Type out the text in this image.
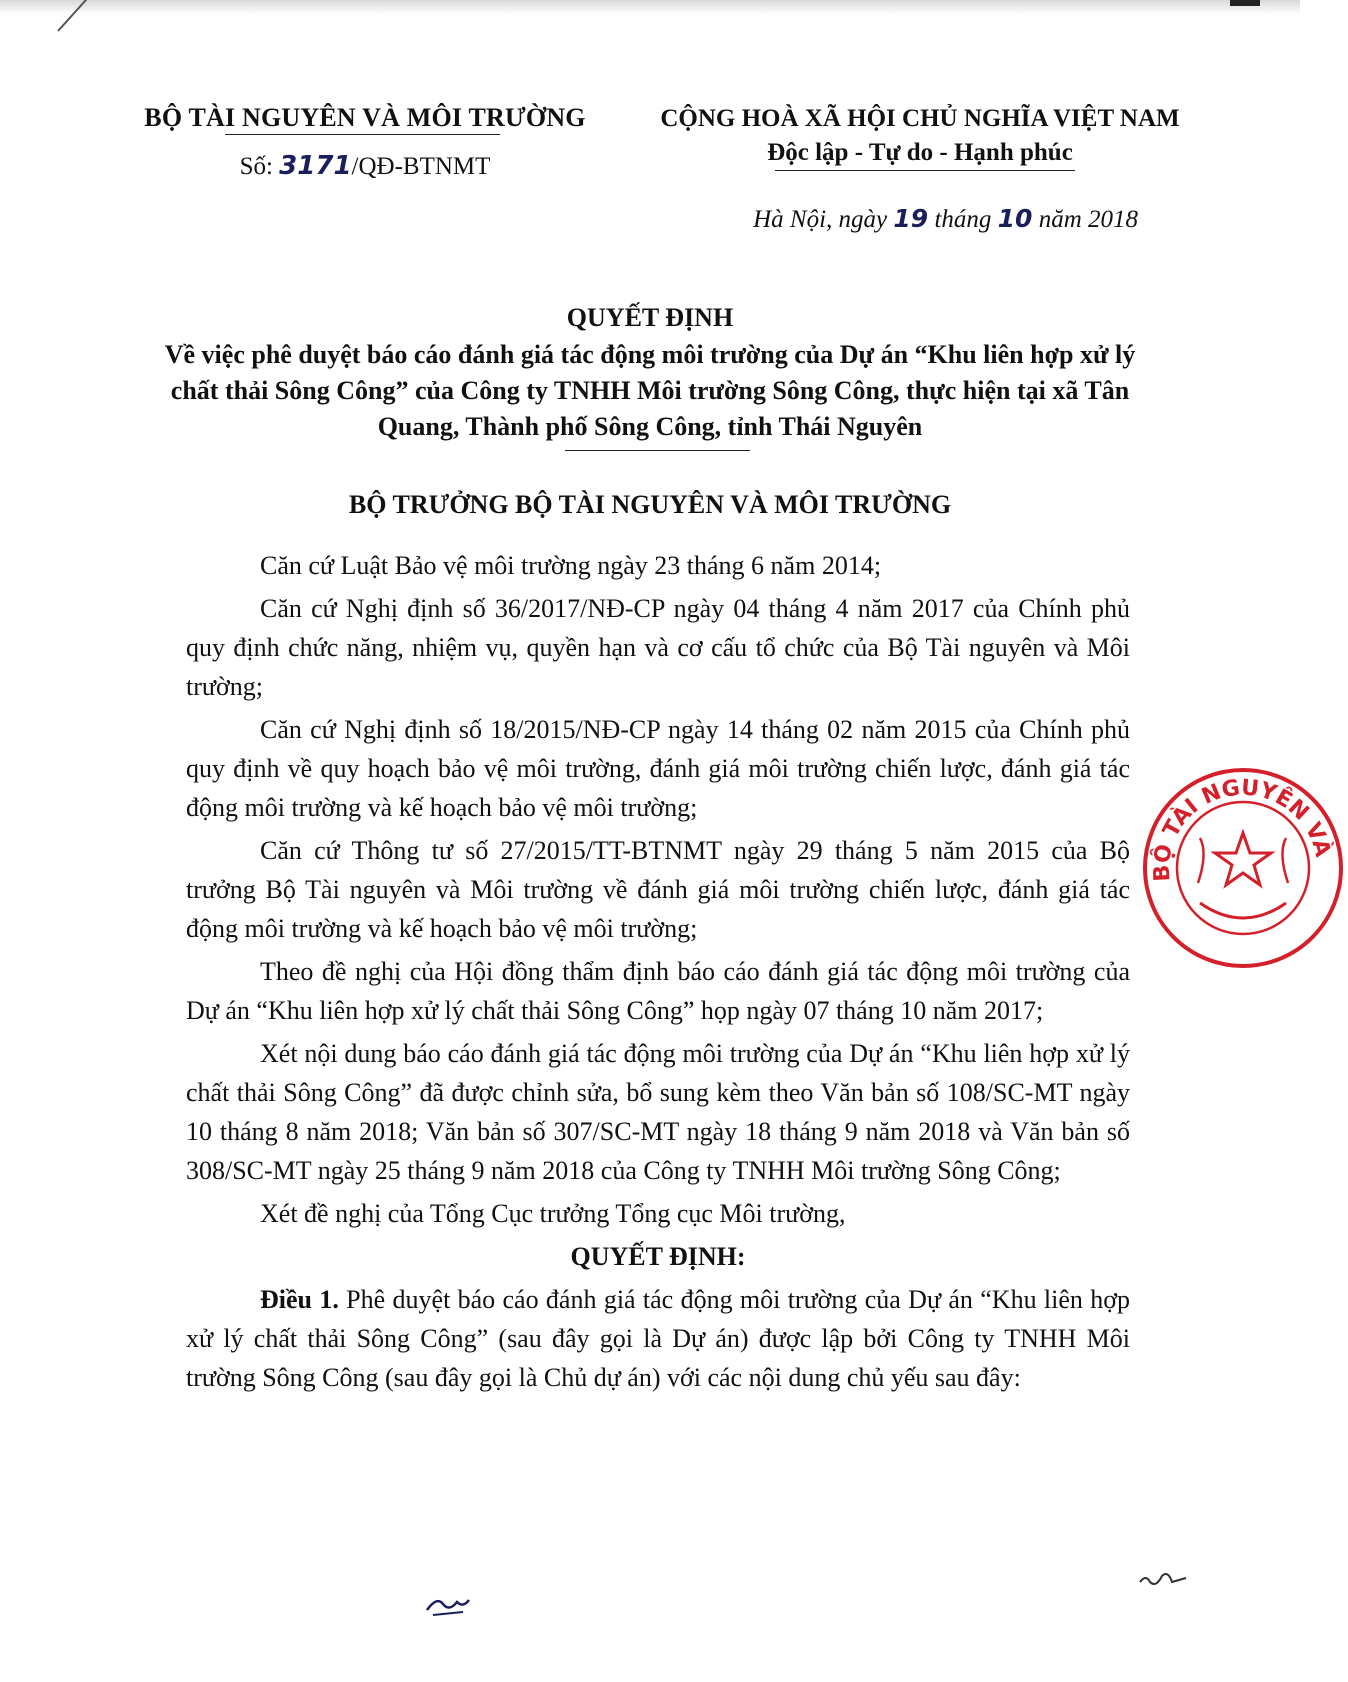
BỘ TÀI NGUYÊN VÀ MÔI TRƯỜNG
Số: 3171/QĐ-BTNMT
CỘNG HOÀ XÃ HỘI CHỦ NGHĨA VIỆT NAM
Độc lập - Tự do - Hạnh phúc
Hà Nội, ngày 19 tháng 10 năm 2018
QUYẾT ĐỊNH
Về việc phê duyệt báo cáo đánh giá tác động môi trường của Dự án “Khu liên hợp xử lý chất thải Sông Công” của Công ty TNHH Môi trường Sông Công, thực hiện tại xã Tân Quang, Thành phố Sông Công, tỉnh Thái Nguyên
BỘ TRƯỞNG BỘ TÀI NGUYÊN VÀ MÔI TRƯỜNG

Căn cứ Luật Bảo vệ môi trường ngày 23 tháng 6 năm 2014;

Căn cứ Nghị định số 36/2017/NĐ-CP ngày 04 tháng 4 năm 2017 của Chính phủ quy định chức năng, nhiệm vụ, quyền hạn và cơ cấu tổ chức của Bộ Tài nguyên và Môi trường;

Căn cứ Nghị định số 18/2015/NĐ-CP ngày 14 tháng 02 năm 2015 của Chính phủ quy định về quy hoạch bảo vệ môi trường, đánh giá môi trường chiến lược, đánh giá tác động môi trường và kế hoạch bảo vệ môi trường;

Căn cứ Thông tư số 27/2015/TT-BTNMT ngày 29 tháng 5 năm 2015 của Bộ trưởng Bộ Tài nguyên và Môi trường về đánh giá môi trường chiến lược, đánh giá tác động môi trường và kế hoạch bảo vệ môi trường;

Theo đề nghị của Hội đồng thẩm định báo cáo đánh giá tác động môi trường của Dự án “Khu liên hợp xử lý chất thải Sông Công” họp ngày 07 tháng 10 năm 2017;

Xét nội dung báo cáo đánh giá tác động môi trường của Dự án “Khu liên hợp xử lý chất thải Sông Công” đã được chỉnh sửa, bổ sung kèm theo Văn bản số 108/SC-MT ngày 10 tháng 8 năm 2018; Văn bản số 307/SC-MT ngày 18 tháng 9 năm 2018 và Văn bản số 308/SC-MT ngày 25 tháng 9 năm 2018 của Công ty TNHH Môi trường Sông Công;

Xét đề nghị của Tổng Cục trưởng Tổng cục Môi trường,

QUYẾT ĐỊNH:

Điều 1. Phê duyệt báo cáo đánh giá tác động môi trường của Dự án “Khu liên hợp xử lý chất thải Sông Công” (sau đây gọi là Dự án) được lập bởi Công ty TNHH Môi trường Sông Công (sau đây gọi là Chủ dự án) với các nội dung chủ yếu sau đây:

BỘ TÀI NGUYÊN VÀ
